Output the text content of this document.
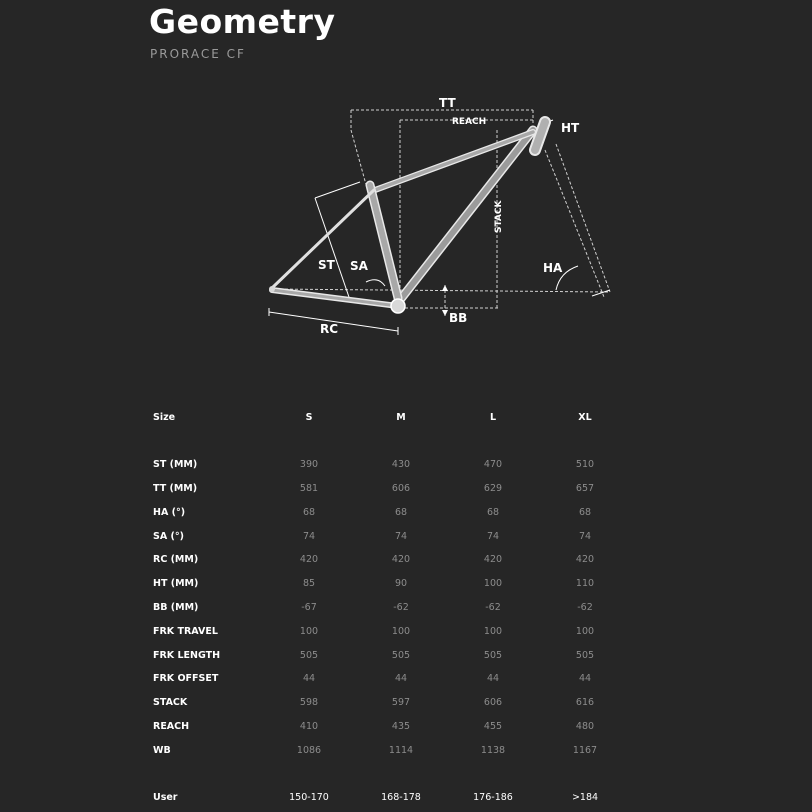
Geometry
PRORACE CF
TT
REACH	HT
STACK
ST SA	HA
RC
BB
Size	S	M	L	XL
ST (MM)	390	430	470	510
TT (MM)	581	606	629	657
HA (°)	68	68	68	68
SA (°)	74	74	74	74
RC (MM)	420	420	420	420
HT (MM)	85	90	100	110
BB (MM)	-67	-62	-62	-62
FRK TRAVEL	100	100	100	100
FRK LENGTH	505	505	505	505
FRK OFFSET	44	44	44	44
STACK	598	597	606	616
REACH	410	435	455	480
WB	1086	1114	1138	1167
User	150-170	168-178	176-186	>184
